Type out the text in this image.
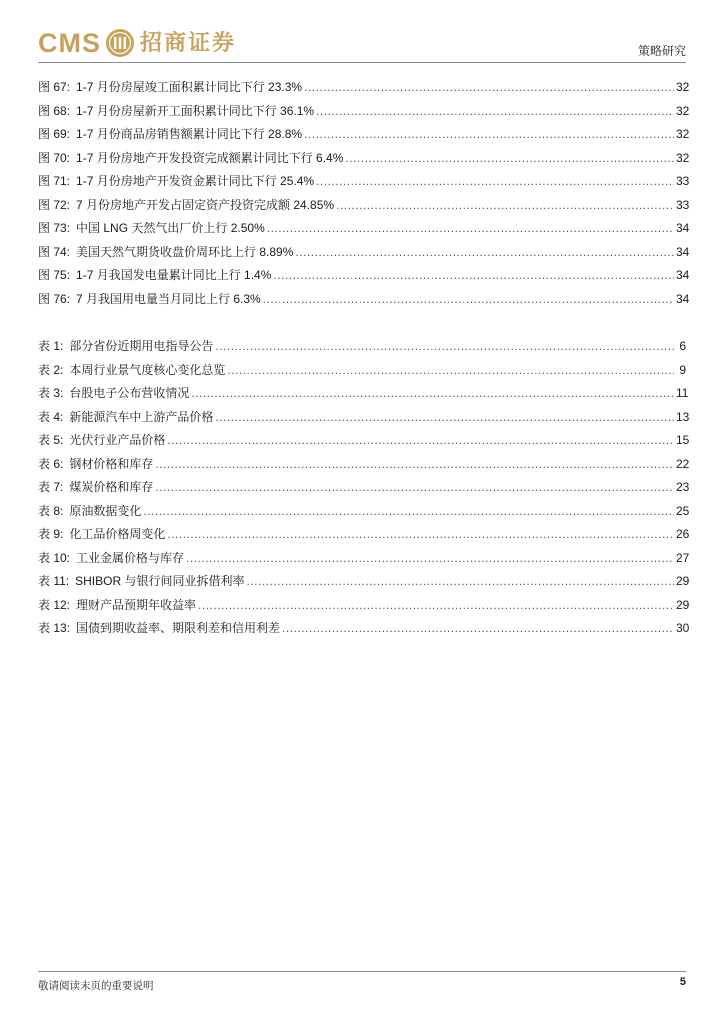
CMS 招商证券	策略研究
图 67: 1-7 月份房屋竣工面积累计同比下行 23.3% .....	32
图 68: 1-7 月份房屋新开工面积累计同比下行 36.1% .....	32
图 69: 1-7 月份商品房销售额累计同比下行 28.8% .....	32
图 70: 1-7 月份房地产开发投资完成额累计同比下行 6.4% .....	32
图 71: 1-7 月份房地产开发资金累计同比下行 25.4% .....	33
图 72: 7 月份房地产开发占固定资产投资完成额 24.85% .....	33
图 73: 中国 LNG 天然气出厂价上行 2.50% .....	34
图 74: 美国天然气期货收盘价周环比上行 8.89% .....	34
图 75: 1-7 月我国发电量累计同比上行 1.4% .....	34
图 76: 7 月我国用电量当月同比上行 6.3% .....	34
表 1: 部分省份近期用电指导公告 .....	6
表 2: 本周行业景气度核心变化总览 .....	9
表 3: 台股电子公布营收情况 .....	11
表 4: 新能源汽车中上游产品价格 .....	13
表 5: 光伏行业产品价格 .....	15
表 6: 钢材价格和库存 .....	22
表 7: 煤炭价格和库存 .....	23
表 8: 原油数据变化 .....	25
表 9: 化工品价格周变化 .....	26
表 10: 工业金属价格与库存 .....	27
表 11: SHIBOR 与银行间同业拆借利率 .....	29
表 12: 理财产品预期年收益率 .....	29
表 13: 国债到期收益率、期限利差和信用利差 .....	30
敬请阅读末页的重要说明	5
